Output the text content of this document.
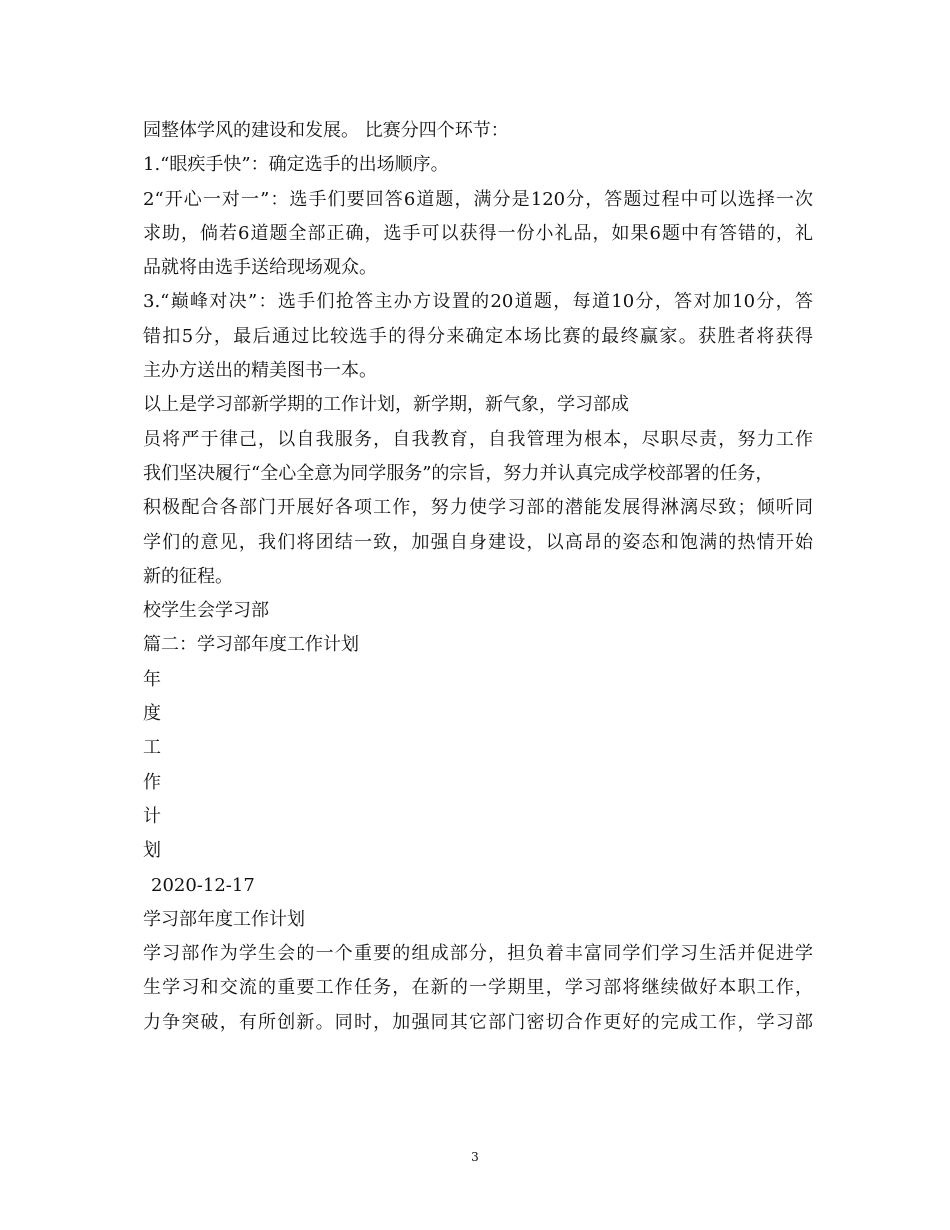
园整体学风的建设和发展。 比赛分四个环节：
1.“眼疾手快”：确定选手的出场顺序。
2“开心一对一”：选手们要回答6道题，满分是120分，答题过程中可以选择一次
求助，倘若6道题全部正确，选手可以获得一份小礼品，如果6题中有答错的，礼
品就将由选手送给现场观众。
3.“巅峰对决”：选手们抢答主办方设置的20道题，每道10分，答对加10分，答
错扣5分，最后通过比较选手的得分来确定本场比赛的最终赢家。获胜者将获得
主办方送出的精美图书一本。
以上是学习部新学期的工作计划，新学期，新气象，学习部成
员将严于律己，以自我服务，自我教育，自我管理为根本，尽职尽责，努力工作
我们坚决履行“全心全意为同学服务”的宗旨，努力并认真完成学校部署的任务，
积极配合各部门开展好各项工作，努力使学习部的潜能发展得淋漓尽致；倾听同
学们的意见，我们将团结一致，加强自身建设，以高昂的姿态和饱满的热情开始
新的征程。
校学生会学习部
篇二：学习部年度工作计划
年
度
工
作
计
划
2020-12-17
学习部年度工作计划
学习部作为学生会的一个重要的组成部分，担负着丰富同学们学习生活并促进学
生学习和交流的重要工作任务，在新的一学期里，学习部将继续做好本职工作，
力争突破，有所创新。同时，加强同其它部门密切合作更好的完成工作，学习部
3
